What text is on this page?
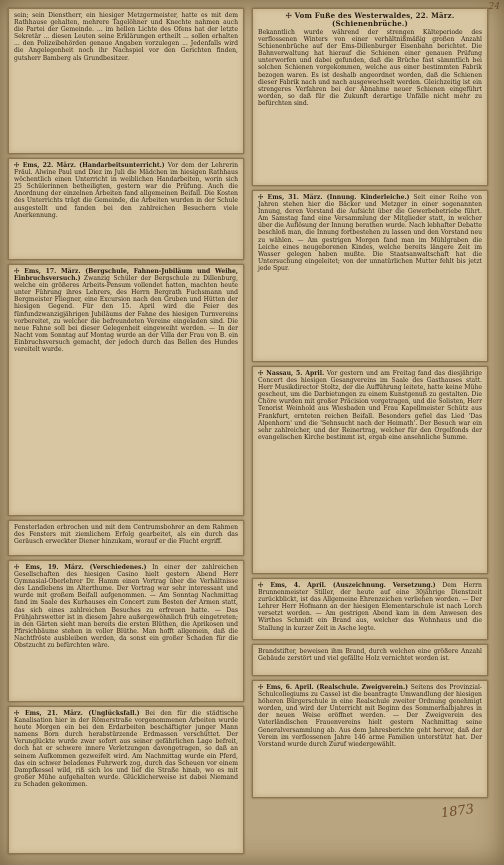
24
sein; sein Dienstherr, ein hiesiger Metzgermeister, hatte es mit dem Rathhause gehalten, mehrere Tagelöhner und Knechte nahmen auch die Partei der Gemeinde. ... im hellen Lichte des Ofens hat der letzte Sekretär ... diesen Leuten seine Erklärungen ertheilt ... sollen erhalten ... den Polizeibehörden genaue Angaben vorzulegen ... Jedenfalls wird die Angelegenheit noch ihr Nachspiel vor den Gerichten finden, gutsherr Bamberg als Grundbesitzer.
☩ Ems, 22. März. (Handarbeitsunterricht.) Vor dem der Lehrerin Fräul. Alwine Paul und Diez im Juli die Mädchen im hiesigen Rathhaus wöchentlich einen Unterricht in weiblichen Handarbeiten, worin sich 25 Schülerinnen betheiligten, gestern war die Prüfung. Auch die Anordnung der einzelnen Arbeiten fand allgemeinen Beifall. Die Kosten des Unterrichts trägt die Gemeinde, die Arbeiten wurden in der Schule ausgestellt und fanden bei den zahlreichen Besuchern viele Anerkennung.
☩ Ems, 17. März. (Bergschule, Fahnen-Jubiläum und Weihe, Einbruchsversuch.) Zwanzig Schüler der Bergschule zu Dillenburg, welche ein größeres Arbeits-Pensum vollendet hatten, machten heute unter Führung ihres Lehrers, des Herrn Bergrath Fuchsmann und Bergmeister Fliegner, eine Excursion nach den Gruben und Hütten der hiesigen Gegend. Für den 15. April wird die Feier des fünfundzwanzigjährigen Jubiläums der Fahne des hiesigen Turnvereins vorbereitet, zu welcher die befreundeten Vereine eingeladen sind. Die neue Fahne soll bei dieser Gelegenheit eingeweiht werden. — In der Nacht vom Sonntag auf Montag wurde an der Villa der Frau von B. ein Einbruchsversuch gemacht, der jedoch durch das Bellen des Hundes vereitelt wurde.
Fensterladen erbrochen und mit dem Centrumsbohrer an dem Rahmen des Fensters mit ziemlichem Erfolg gearbeitet, als ein durch das Geräusch erweckter Diener hinzukam, worauf er die Flucht ergriff.
☩ Ems, 19. März. (Verschiedenes.) In einer der zahlreichen Gesellschaften des hiesigen Casino hielt gestern Abend Herr Gymnasial-Oberlehrer Dr. Hamm einen Vortrag über die Verhältnisse des Landlebens im Alterthume. Der Vortrag war sehr interessant und wurde mit großem Beifall aufgenommen. — Am Sonntag Nachmittag fand im Saale des Kurhauses ein Concert zum Besten der Armen statt, das sich eines zahlreichen Besuches zu erfreuen hatte. — Das Frühjahrswetter ist in diesem Jahre außergewöhnlich früh eingetreten; in den Gärten sieht man bereits die ersten Blüthen, die Aprikosen und Pfirsichbäume stehen in voller Blüthe. Man hofft allgemein, daß die Nachtfröste ausbleiben werden, da sonst ein großer Schaden für die Obstzucht zu befürchten wäre.
☩ Ems, 21. März. (Unglücksfall.) Bei den für die städtische Kanalisation hier in der Römerstraße vorgenommenen Arbeiten wurde heute Morgen ein bei den Erdarbeiten beschäftigter junger Mann namens Born durch herabstürzende Erdmassen verschüttet. Der Verunglückte wurde zwar sofort aus seiner gefährlichen Lage befreit, doch hat er schwere innere Verletzungen davongetragen, so daß an seinem Aufkommen gezweifelt wird. Am Nachmittag wurde ein Pferd, das ein schwer beladenes Fuhrwerk zog, durch das Scheuen vor einem Dampfkessel wild, riß sich los und lief die Straße hinab, wo es mit großer Mühe aufgehalten wurde. Glücklicherweise ist dabei Niemand zu Schaden gekommen.
☩ Vom Fuße des Westerwaldes, 22. März. (Schienenbrüche.)
Bekanntlich wurde während der strengen Kälteperiode des verflossenen Winters von einer verhältnißmäßig großen Anzahl Schienenbrüche auf der Ems-Dillenburger Eisenbahn berichtet. Die Bahnverwaltung hat hierauf die Schienen einer genauen Prüfung unterworfen und dabei gefunden, daß die Brüche fast sämmtlich bei solchen Schienen vorgekommen, welche aus einer bestimmten Fabrik bezogen waren. Es ist deshalb angeordnet worden, daß die Schienen dieser Fabrik nach und nach ausgewechselt werden. Gleichzeitig ist ein strengeres Verfahren bei der Abnahme neuer Schienen eingeführt worden, so daß für die Zukunft derartige Unfälle nicht mehr zu befürchten sind.
☩ Ems, 31. März. (Innung. Kinderleiche.) Seit einer Reihe von Jahren stehen hier die Bäcker und Metzger in einer sogenannten Innung, deren Vorstand die Aufsicht über die Gewerbebetriebe führt. Am Samstag fand eine Versammlung der Mitglieder statt, in welcher über die Auflösung der Innung berathen wurde. Nach lebhafter Debatte beschloß man, die Innung fortbestehen zu lassen und den Vorstand neu zu wählen. — Am gestrigen Morgen fand man im Mühlgraben die Leiche eines neugeborenen Kindes, welche bereits längere Zeit im Wasser gelegen haben mußte. Die Staatsanwaltschaft hat die Untersuchung eingeleitet; von der unnatürlichen Mutter fehlt bis jetzt jede Spur.
☩ Nassau, 5. April. Vor gestern und am Freitag fand das diesjährige Concert des hiesigen Gesangvereins im Saale des Gasthauses statt. Herr Musikdirector Stoltz, der die Aufführung leitete, hatte keine Mühe gescheut, um die Darbietungen zu einem Kunstgenuß zu gestalten. Die Chöre wurden mit großer Präcision vorgetragen, und die Solisten, Herr Tenorist Weinhold aus Wiesbaden und Frau Kapellmeister Schütz aus Frankfurt, ernteten reichen Beifall. Besonders gefiel das Lied 'Das Alpenhorn' und die 'Sehnsucht nach der Heimath'. Der Besuch war ein sehr zahlreicher, und der Reinertrag, welcher für den Orgelfonds der evangelischen Kirche bestimmt ist, ergab eine ansehnliche Summe.
☩ Ems, 4. April. (Auszeichnung. Versetzung.) Dem Herrn Brunnenmeister Stiller, der heute auf eine 30jährige Dienstzeit zurückblickt, ist das Allgemeine Ehrenzeichen verliehen worden. — Der Lehrer Herr Hofmann an der hiesigen Elementarschule ist nach Lorch versetzt worden. — Am gestrigen Abend kam in dem Anwesen des Wirthes Schmidt ein Brand aus, welcher das Wohnhaus und die Stallung in kurzer Zeit in Asche legte.
Brandstifter, beweisen ihm Brand, durch welchen eine größere Anzahl Gebäude zerstört und viel gefällte Holz vernichtet worden ist.
☩ Ems, 6. April. (Realschule. Zweigverein.) Seitens des Provinzial-Schulcollegiums zu Cassel ist die beantragte Umwandlung der hiesigen höheren Bürgerschule in eine Realschule zweiter Ordnung genehmigt worden, und wird der Unterricht mit Beginn des Sommerhalbjahres in der neuen Weise eröffnet werden. — Der Zweigverein des Vaterländischen Frauenvereins hielt gestern Nachmittag seine Generalversammlung ab. Aus dem Jahresberichte geht hervor, daß der Verein im verflossenen Jahre 146 arme Familien unterstützt hat. Der Vorstand wurde durch Zuruf wiedergewählt.
1873
